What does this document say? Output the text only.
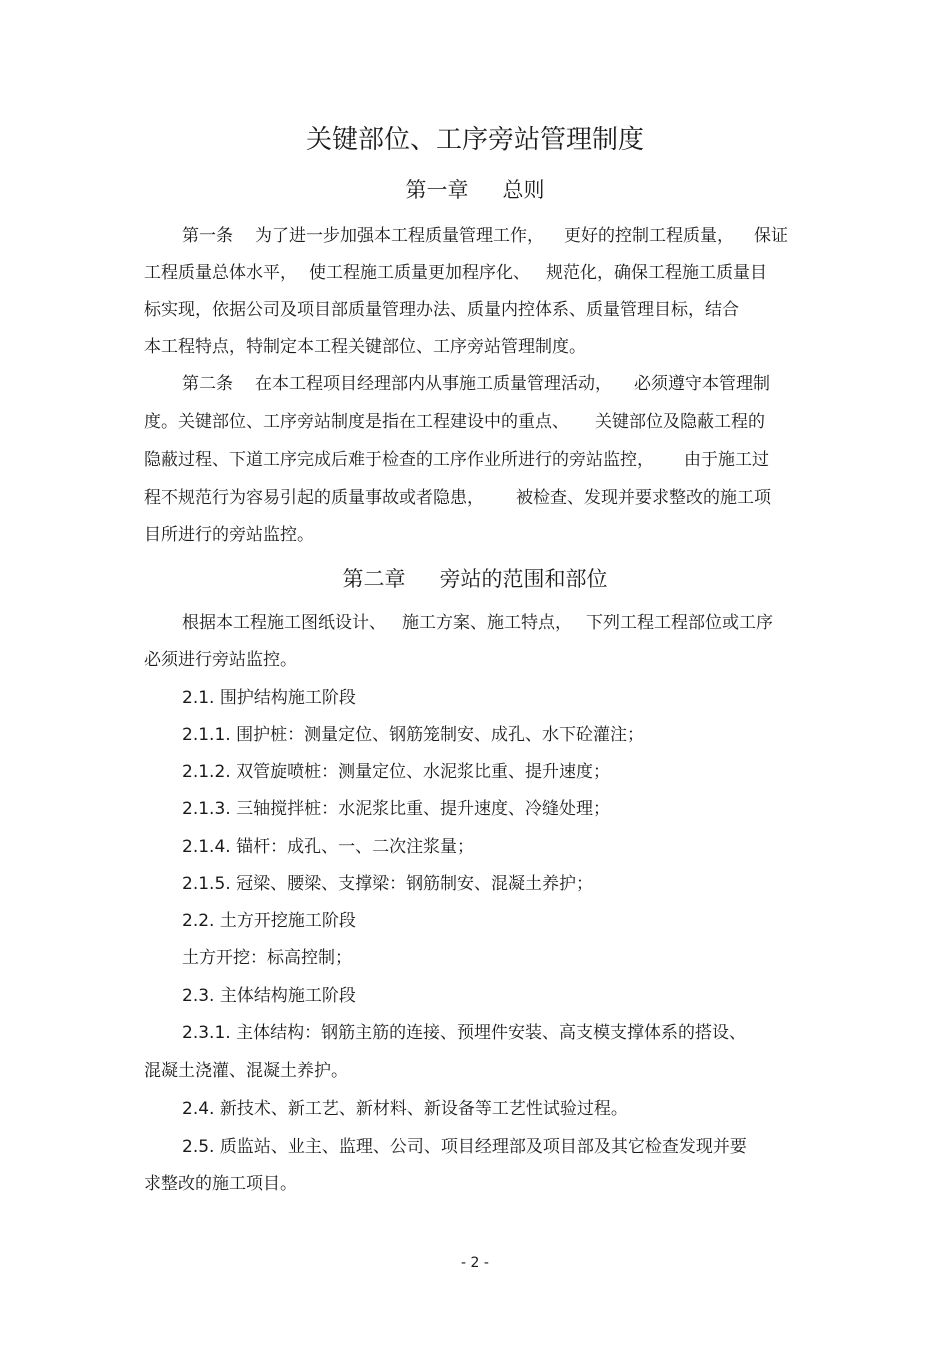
关键部位、工序旁站管理制度
第一章 总则

第一条 为了进一步加强本工程质量管理工作， 更好的控制工程质量， 保证

工程质量总体水平， 使工程施工质量更加程序化、 规范化，确保工程施工质量目

标实现，依据公司及项目部质量管理办法、质量内控体系、质量管理目标，结合

本工程特点，特制定本工程关键部位、工序旁站管理制度。

第二条 在本工程项目经理部内从事施工质量管理活动， 必须遵守本管理制

度。关键部位、工序旁站制度是指在工程建设中的重点、 关键部位及隐蔽工程的

隐蔽过程、下道工序完成后难于检查的工序作业所进行的旁站监控， 由于施工过

程不规范行为容易引起的质量事故或者隐患， 被检查、发现并要求整改的施工项

目所进行的旁站监控。

第二章 旁站的范围和部位

根据本工程施工图纸设计、 施工方案、施工特点， 下列工程工程部位或工序

必须进行旁站监控。

2.1. 围护结构施工阶段

2.1.1. 围护桩：测量定位、钢筋笼制安、成孔、水下砼灌注；

2.1.2. 双管旋喷桩：测量定位、水泥浆比重、提升速度；

2.1.3. 三轴搅拌桩：水泥浆比重、提升速度、冷缝处理；

2.1.4. 锚杆：成孔、一、二次注浆量；

2.1.5. 冠梁、腰梁、支撑梁：钢筋制安、混凝土养护；

2.2. 土方开挖施工阶段

土方开挖：标高控制；

2.3. 主体结构施工阶段

2.3.1. 主体结构：钢筋主筋的连接、预埋件安装、高支模支撑体系的搭设、

混凝土浇灌、混凝土养护。

2.4. 新技术、新工艺、新材料、新设备等工艺性试验过程。

2.5. 质监站、业主、监理、公司、项目经理部及项目部及其它检查发现并要

求整改的施工项目。

- 2 -
